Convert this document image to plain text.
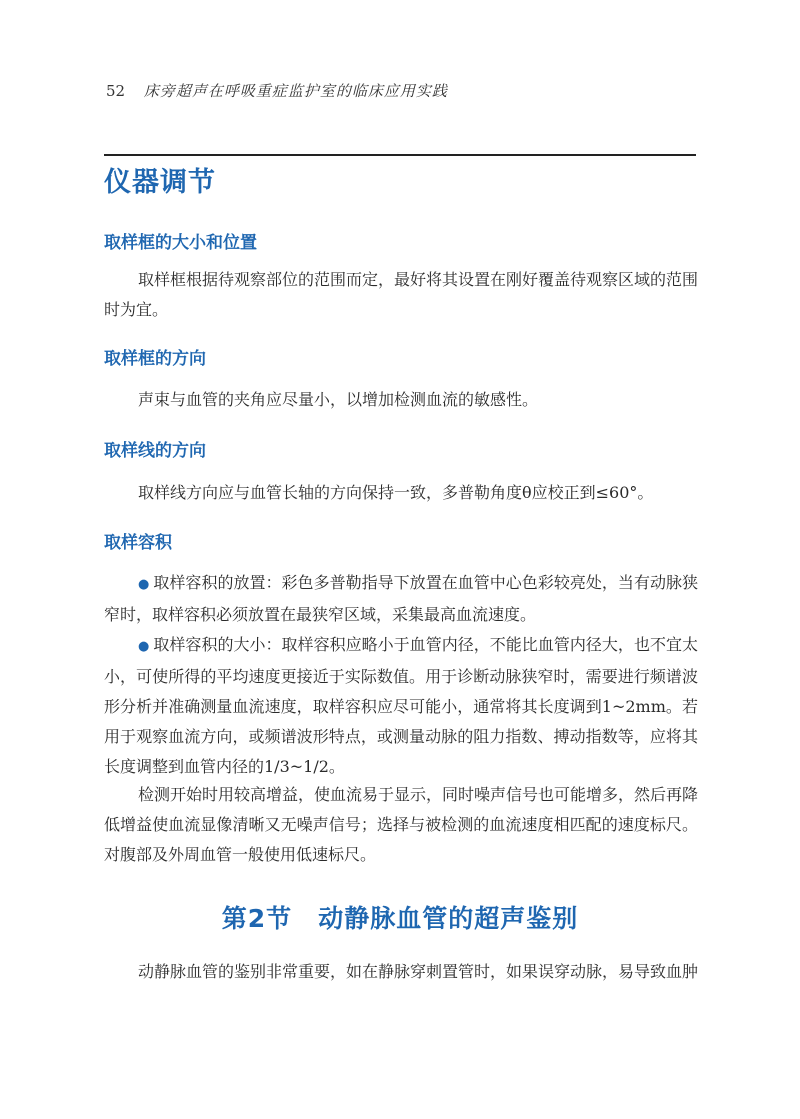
52 床旁超声在呼吸重症监护室的临床应用实践
仪器调节
取样框的大小和位置

取样框根据待观察部位的范围而定，最好将其设置在刚好覆盖待观察区域的范围时为宜。

取样框的方向

声束与血管的夹角应尽量小，以增加检测血流的敏感性。

取样线的方向

取样线方向应与血管长轴的方向保持一致，多普勒角度θ应校正到≤60°。

取样容积

● 取样容积的放置：彩色多普勒指导下放置在血管中心色彩较亮处，当有动脉狭窄时，取样容积必须放置在最狭窄区域，采集最高血流速度。

● 取样容积的大小：取样容积应略小于血管内径，不能比血管内径大，也不宜太小，可使所得的平均速度更接近于实际数值。用于诊断动脉狭窄时，需要进行频谱波形分析并准确测量血流速度，取样容积应尽可能小，通常将其长度调到1~2mm。若用于观察血流方向，或频谱波形特点，或测量动脉的阻力指数、搏动指数等，应将其长度调整到血管内径的1/3~1/2。

检测开始时用较高增益，使血流易于显示，同时噪声信号也可能增多，然后再降低增益使血流显像清晰又无噪声信号；选择与被检测的血流速度相匹配的速度标尺。对腹部及外周血管一般使用低速标尺。

第2节 动静脉血管的超声鉴别

动静脉血管的鉴别非常重要，如在静脉穿刺置管时，如果误穿动脉，易导致血肿
